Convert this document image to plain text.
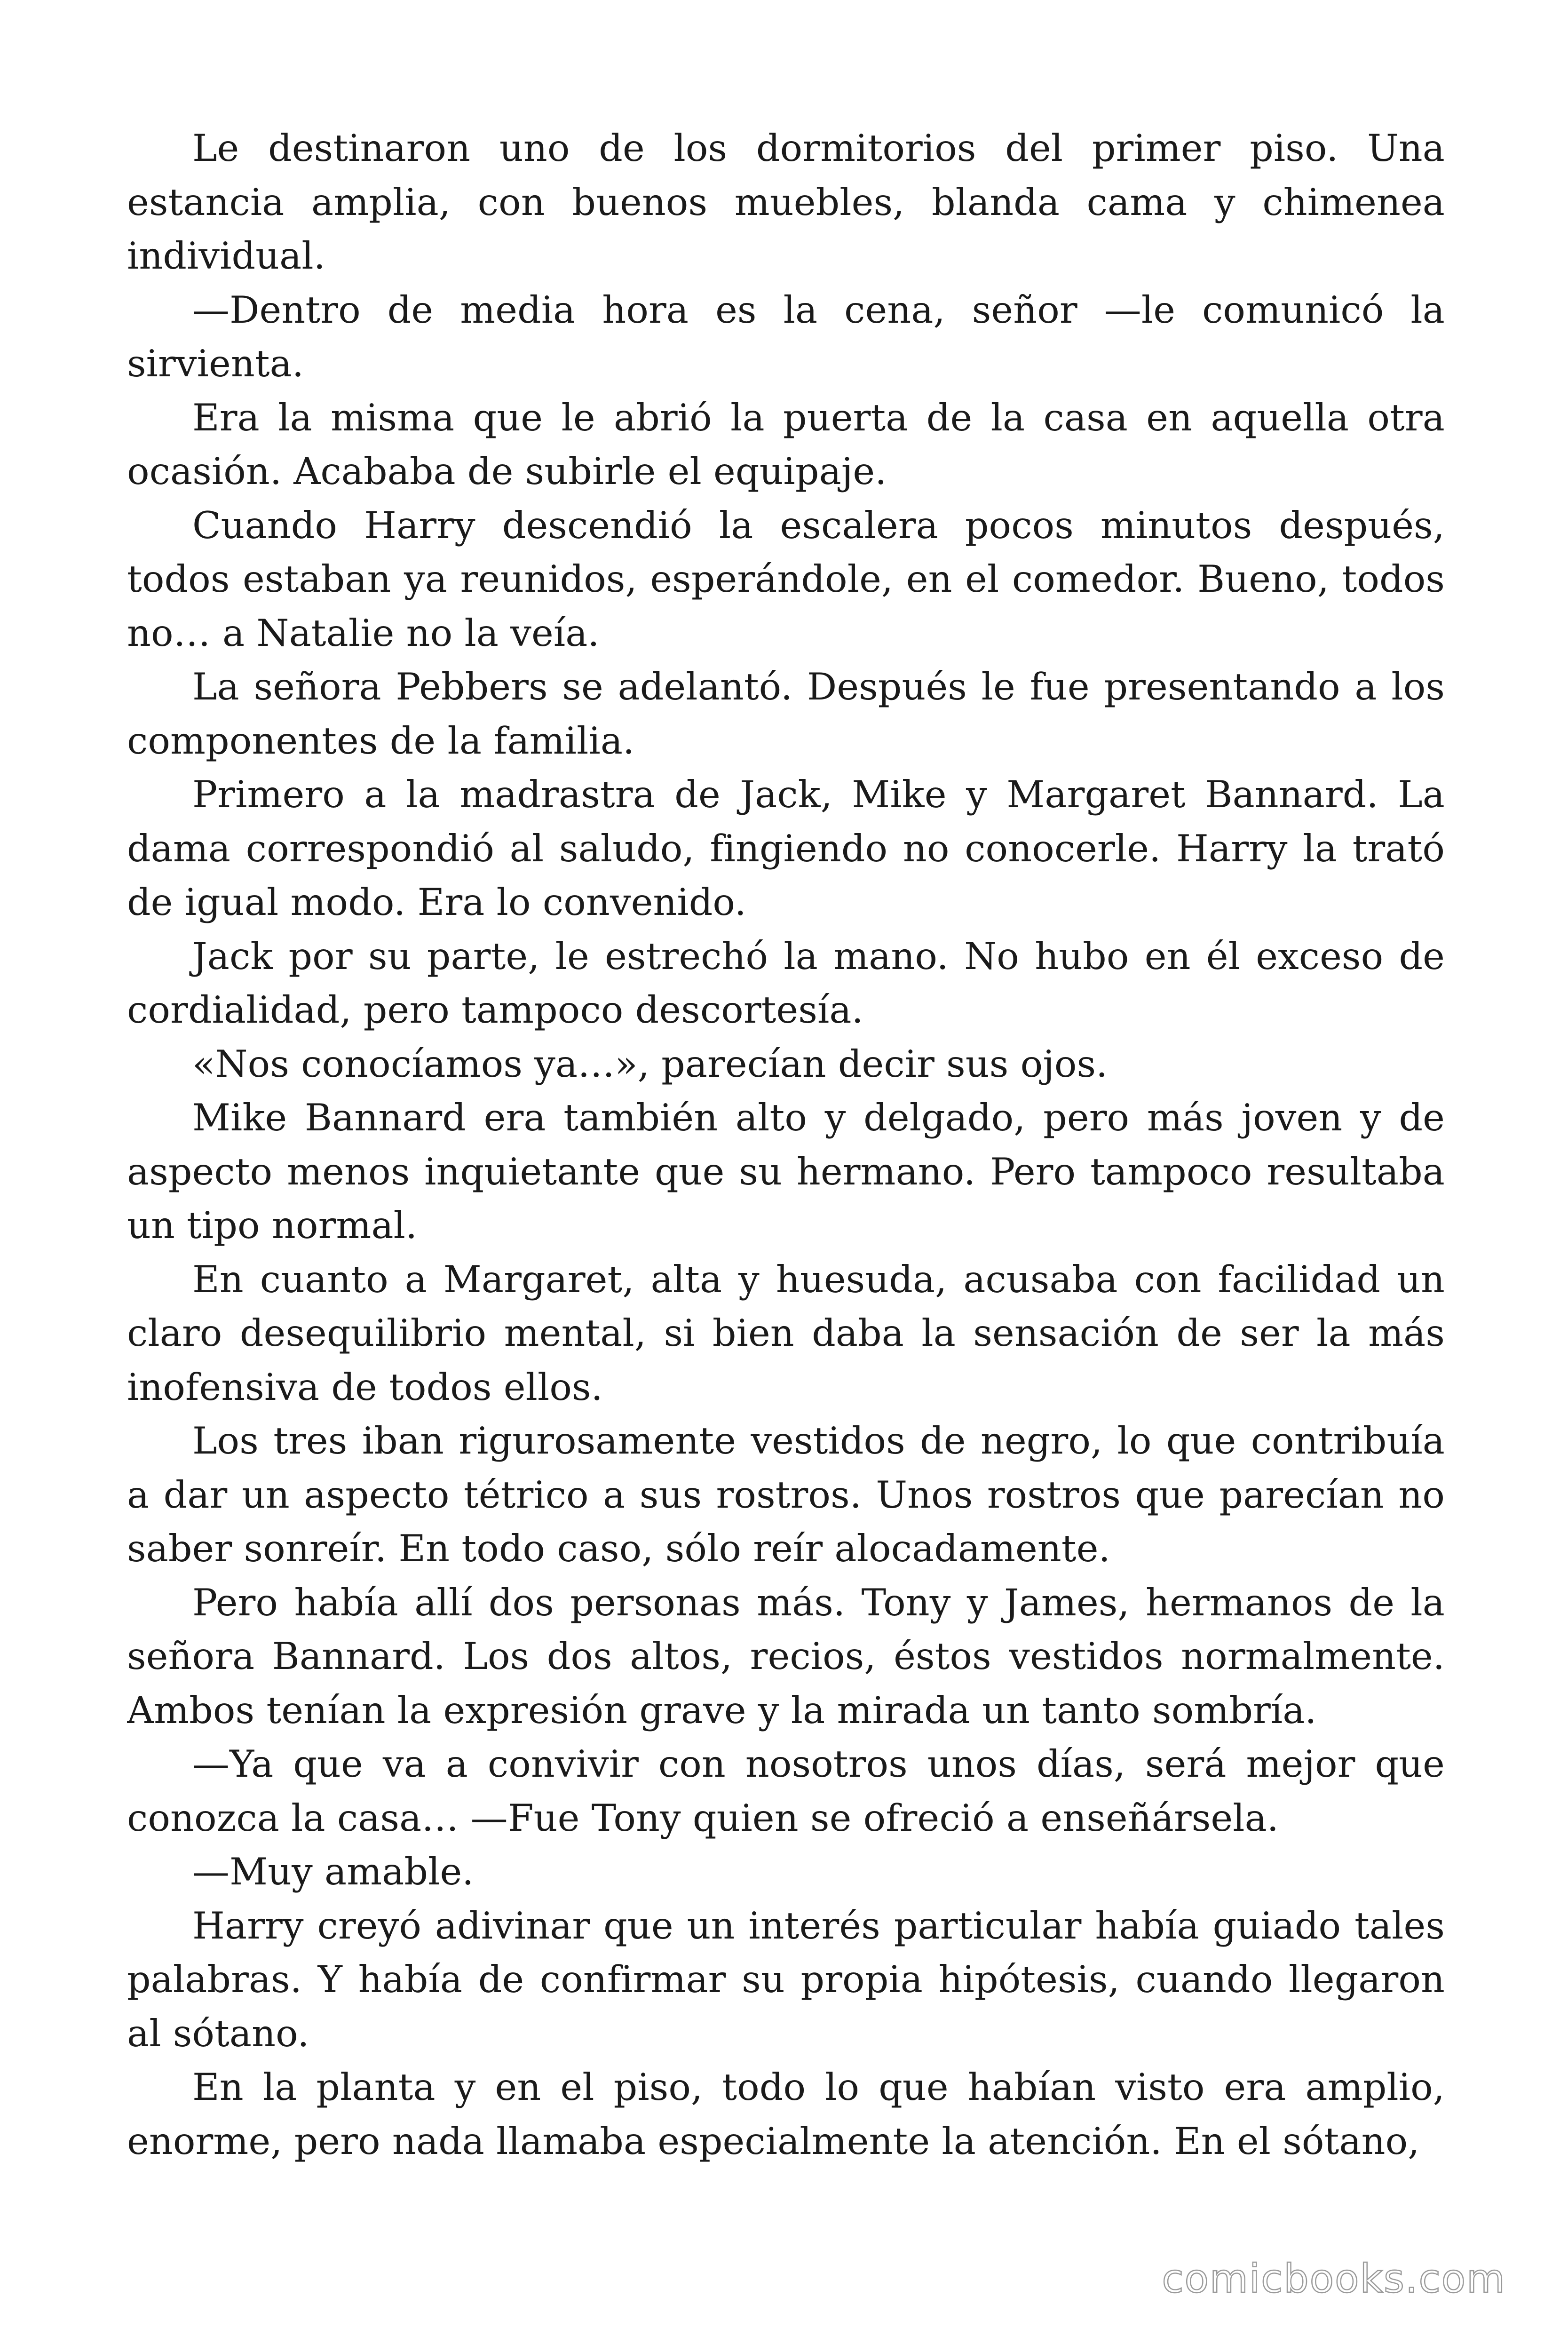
Le destinaron uno de los dormitorios del primer piso. Una estancia amplia, con buenos muebles, blanda cama y chimenea individual.

—Dentro de media hora es la cena, señor —le comunicó la sirvienta.

Era la misma que le abrió la puerta de la casa en aquella otra ocasión. Acababa de subirle el equipaje.

Cuando Harry descendió la escalera pocos minutos después, todos estaban ya reunidos, esperándole, en el comedor. Bueno, todos no… a Natalie no la veía.

La señora Pebbers se adelantó. Después le fue presentando a los componentes de la familia.

Primero a la madrastra de Jack, Mike y Margaret Bannard. La dama correspondió al saludo, fingiendo no conocerle. Harry la trató de igual modo. Era lo convenido.

Jack por su parte, le estrechó la mano. No hubo en él exceso de cordialidad, pero tampoco descortesía.

«Nos conocíamos ya…», parecían decir sus ojos.

Mike Bannard era también alto y delgado, pero más joven y de aspecto menos inquietante que su hermano. Pero tampoco resultaba un tipo normal.

En cuanto a Margaret, alta y huesuda, acusaba con facilidad un claro desequilibrio mental, si bien daba la sensación de ser la más inofensiva de todos ellos.

Los tres iban rigurosamente vestidos de negro, lo que contribuía a dar un aspecto tétrico a sus rostros. Unos rostros que parecían no saber sonreír. En todo caso, sólo reír alocadamente.

Pero había allí dos personas más. Tony y James, hermanos de la señora Bannard. Los dos altos, recios, éstos vestidos normalmente. Ambos tenían la expresión grave y la mirada un tanto sombría.

—Ya que va a convivir con nosotros unos días, será mejor que conozca la casa… —Fue Tony quien se ofreció a enseñársela.

—Muy amable.

Harry creyó adivinar que un interés particular había guiado tales palabras. Y había de confirmar su propia hipótesis, cuando llegaron al sótano.

En la planta y en el piso, todo lo que habían visto era amplio, enorme, pero nada llamaba especialmente la atención. En el sótano,

comicbooks.com
